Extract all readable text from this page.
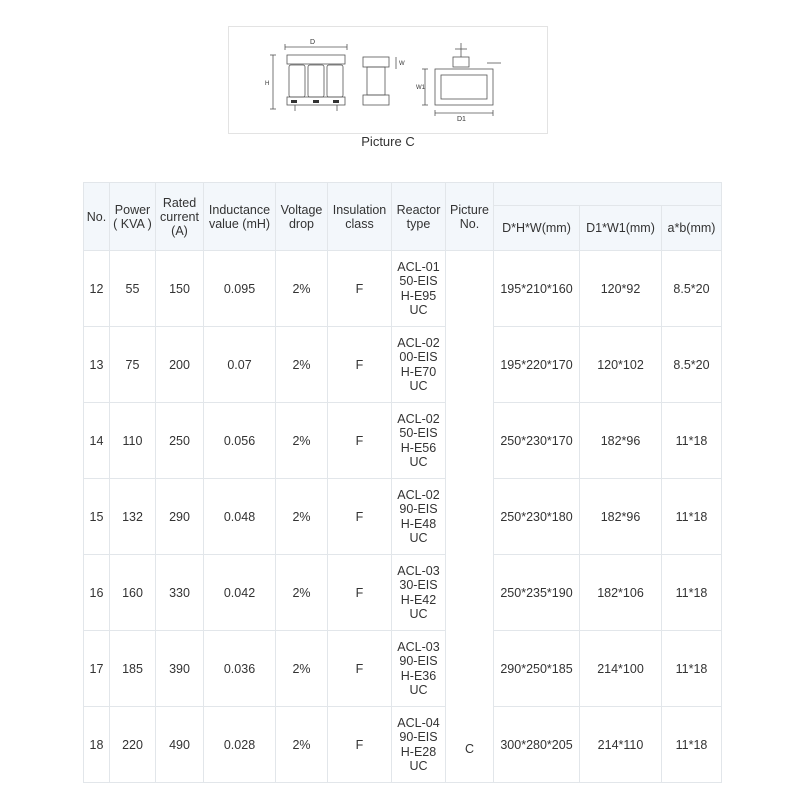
D
H
W
W1
D1
Picture C
No.	Power ( KVA )	Rated current (A)	Inductance value (mH)	Voltage drop	Insulation class	Reactor type	Picture No.			
								D*H*W(mm)	D1*W1(mm)	a*b(mm)
12	55	150	0.095	2%	F	ACL-0150-EISH-E95UC	C	195*210*160	120*92	8.5*20
13	75	200	0.07	2%	F	ACL-0200-EISH-E70UC		195*220*170	120*102	8.5*20
14	110	250	0.056	2%	F	ACL-0250-EISH-E56UC		250*230*170	182*96	11*18
15	132	290	0.048	2%	F	ACL-0290-EISH-E48UC		250*230*180	182*96	11*18
16	160	330	0.042	2%	F	ACL-0330-EISH-E42UC		250*235*190	182*106	11*18
17	185	390	0.036	2%	F	ACL-0390-EISH-E36UC		290*250*185	214*100	11*18
18	220	490	0.028	2%	F	ACL-0490-EISH-E28UC		300*280*205	214*110	11*18
